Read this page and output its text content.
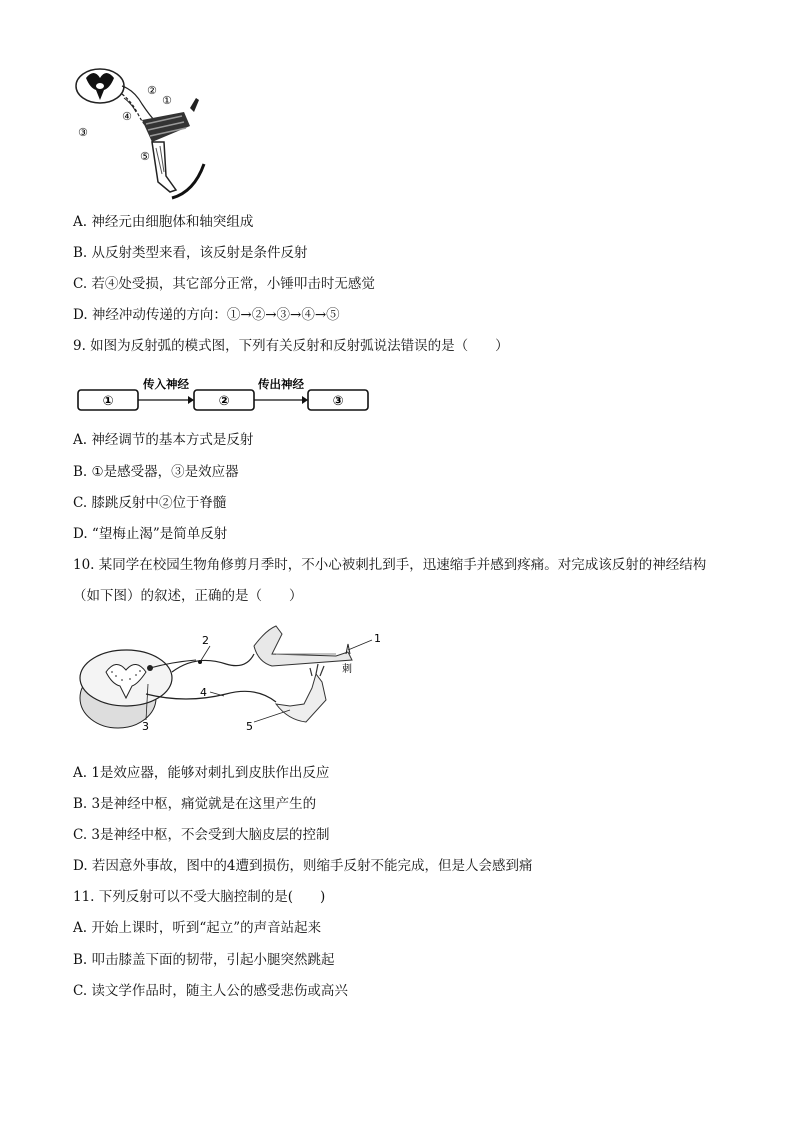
②
①
④
③
⑤
A. 神经元由细胞体和轴突组成
B. 从反射类型来看，该反射是条件反射
C. 若④处受损，其它部分正常，小锤叩击时无感觉
D. 神经冲动传递的方向：①→②→③→④→⑤
9. 如图为反射弧的模式图，下列有关反射和反射弧说法错误的是（　　）
①	②	③
传入神经	传出神经
A. 神经调节的基本方式是反射
B. ①是感受器，③是效应器
C. 膝跳反射中②位于脊髓
D. “望梅止渴”是简单反射
10. 某同学在校园生物角修剪月季时，不小心被刺扎到手，迅速缩手并感到疼痛。对完成该反射的神经结构
（如下图）的叙述，正确的是（　　）
1
2
3
4
5
刺
A. 1是效应器，能够对刺扎到皮肤作出反应
B. 3是神经中枢，痛觉就是在这里产生的
C. 3是神经中枢，不会受到大脑皮层的控制
D. 若因意外事故，图中的4遭到损伤，则缩手反射不能完成，但是人会感到痛
11. 下列反射可以不受大脑控制的是(　　)
A. 开始上课时，听到“起立”的声音站起来
B. 叩击膝盖下面的韧带，引起小腿突然跳起
C. 读文学作品时，随主人公的感受悲伤或高兴
